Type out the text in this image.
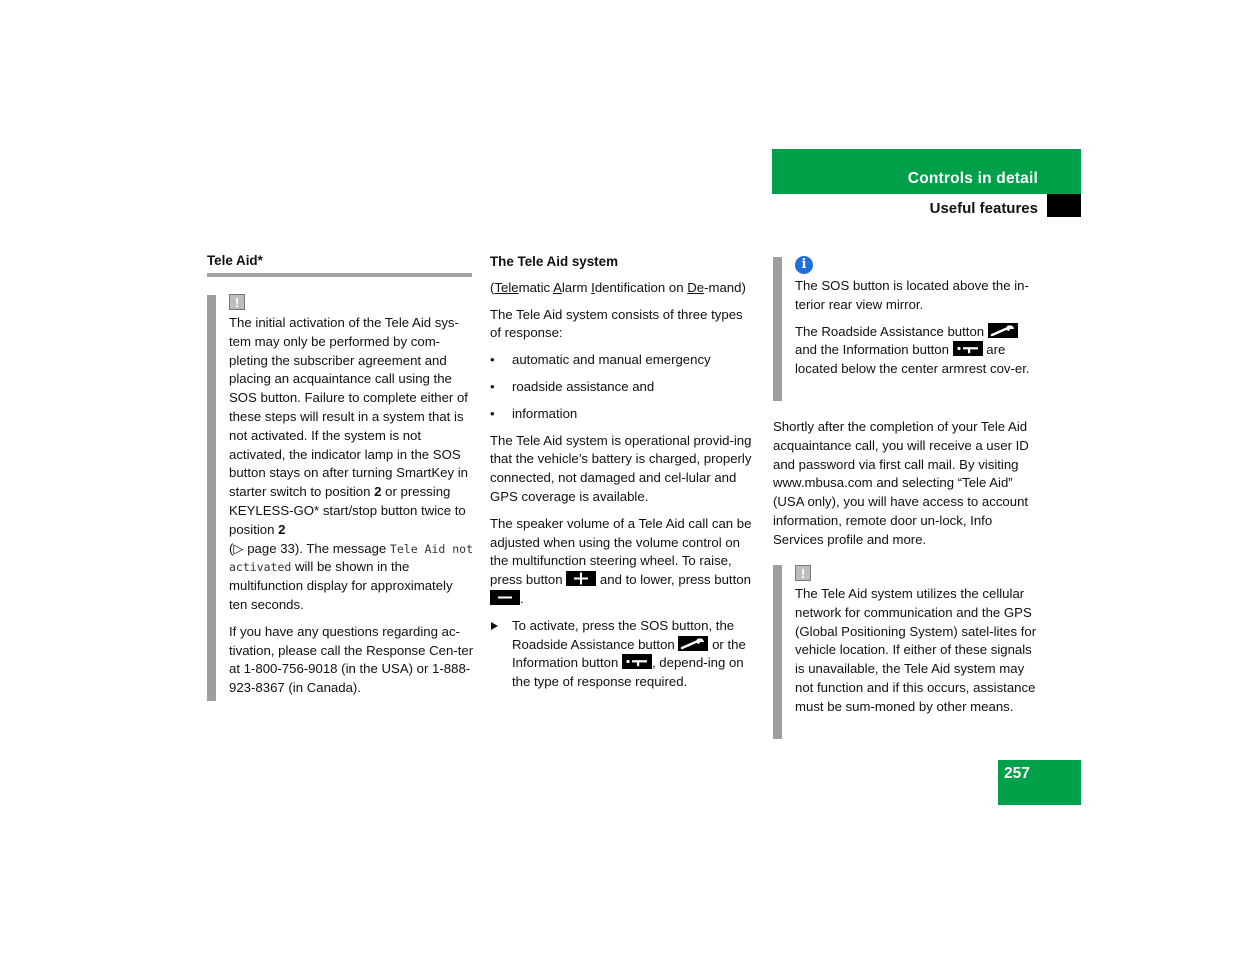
Controls in detail
Useful features
Tele Aid*
!

The initial activation of the Tele Aid sys-tem may only be performed by com-pleting the subscriber agreement and placing an acquaintance call using the SOS button. Failure to complete either of these steps will result in a system that is not activated. If the system is not activated, the indicator lamp in the SOS button stays on after turning SmartKey in starter switch to position 2 or pressing KEYLESS-GO* start/stop button twice to position 2
(▷ page 33). The message Tele Aid not activated will be shown in the multifunction display for approximately ten seconds.

If you have any questions regarding ac-tivation, please call the Response Cen-ter at 1-800-756-9018 (in the USA) or 1-888-923-8367 (in Canada).

The Tele Aid system

(Telematic Alarm Identification on De-mand)

The Tele Aid system consists of three types of response:

• automatic and manual emergency
• roadside assistance and
• information

The Tele Aid system is operational provid-ing that the vehicle’s battery is charged, properly connected, not damaged and cel-lular and GPS coverage is available.

The speaker volume of a Tele Aid call can be adjusted when using the volume control on the multifunction steering wheel. To raise, press button
and to lower, press button
.

To activate, press the SOS button, the Roadside Assistance button
or the Information button
, depend-ing on the type of response required.

i

The SOS button is located above the in-terior rear view mirror.

The Roadside Assistance button
and the Information button
are located below the center armrest cov-er.

Shortly after the completion of your Tele Aid acquaintance call, you will receive a user ID and password via first call mail. By visiting www.mbusa.com and selecting “Tele Aid” (USA only), you will have access to account information, remote door un-lock, Info Services profile and more.

!

The Tele Aid system utilizes the cellular network for communication and the GPS (Global Positioning System) satel-lites for vehicle location. If either of these signals is unavailable, the Tele Aid system may not function and if this occurs, assistance must be sum-moned by other means.

257
